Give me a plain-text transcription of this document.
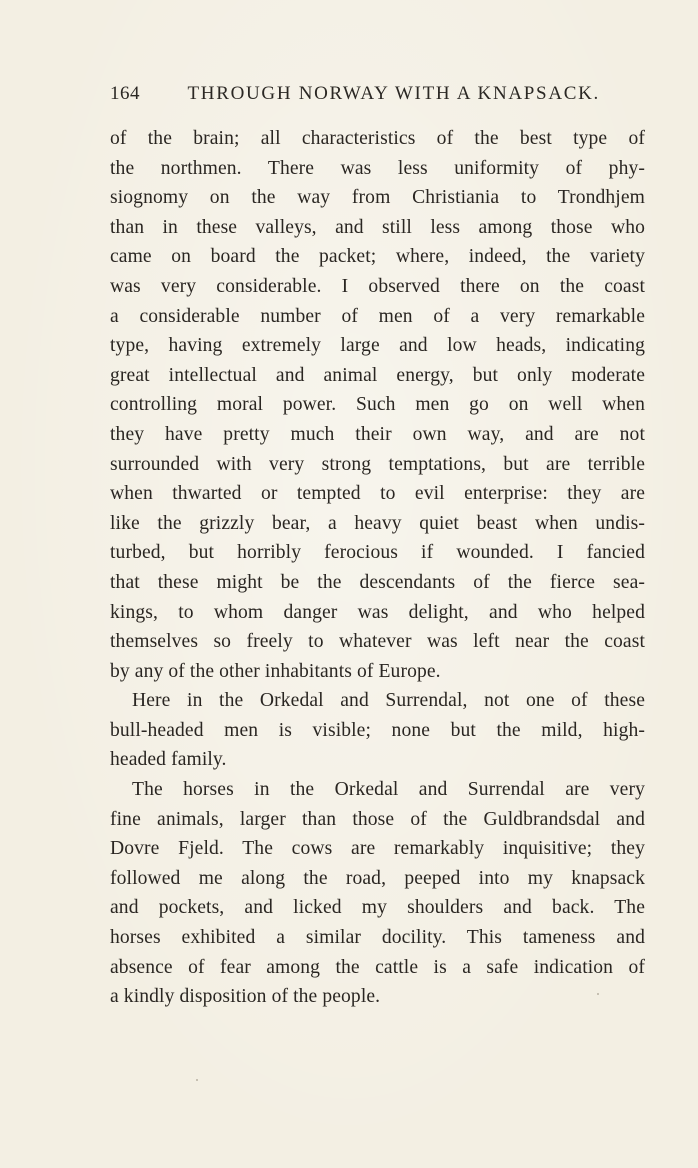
164 THROUGH NORWAY WITH A KNAPSACK.
of the brain; all characteristics of the best type of
the northmen. There was less uniformity of phy-
siognomy on the way from Christiania to Trondhjem
than in these valleys, and still less among those who
came on board the packet; where, indeed, the variety
was very considerable. I observed there on the coast
a considerable number of men of a very remarkable
type, having extremely large and low heads, indicating
great intellectual and animal energy, but only moderate
controlling moral power. Such men go on well when
they have pretty much their own way, and are not
surrounded with very strong temptations, but are terrible
when thwarted or tempted to evil enterprise: they are
like the grizzly bear, a heavy quiet beast when undis-
turbed, but horribly ferocious if wounded. I fancied
that these might be the descendants of the fierce sea-
kings, to whom danger was delight, and who helped
themselves so freely to whatever was left near the coast
by any of the other inhabitants of Europe.
Here in the Orkedal and Surrendal, not one of these
bull-headed men is visible; none but the mild, high-
headed family.
The horses in the Orkedal and Surrendal are very
fine animals, larger than those of the Guldbrandsdal and
Dovre Fjeld. The cows are remarkably inquisitive; they
followed me along the road, peeped into my knapsack
and pockets, and licked my shoulders and back. The
horses exhibited a similar docility. This tameness and
absence of fear among the cattle is a safe indication of
a kindly disposition of the people.
